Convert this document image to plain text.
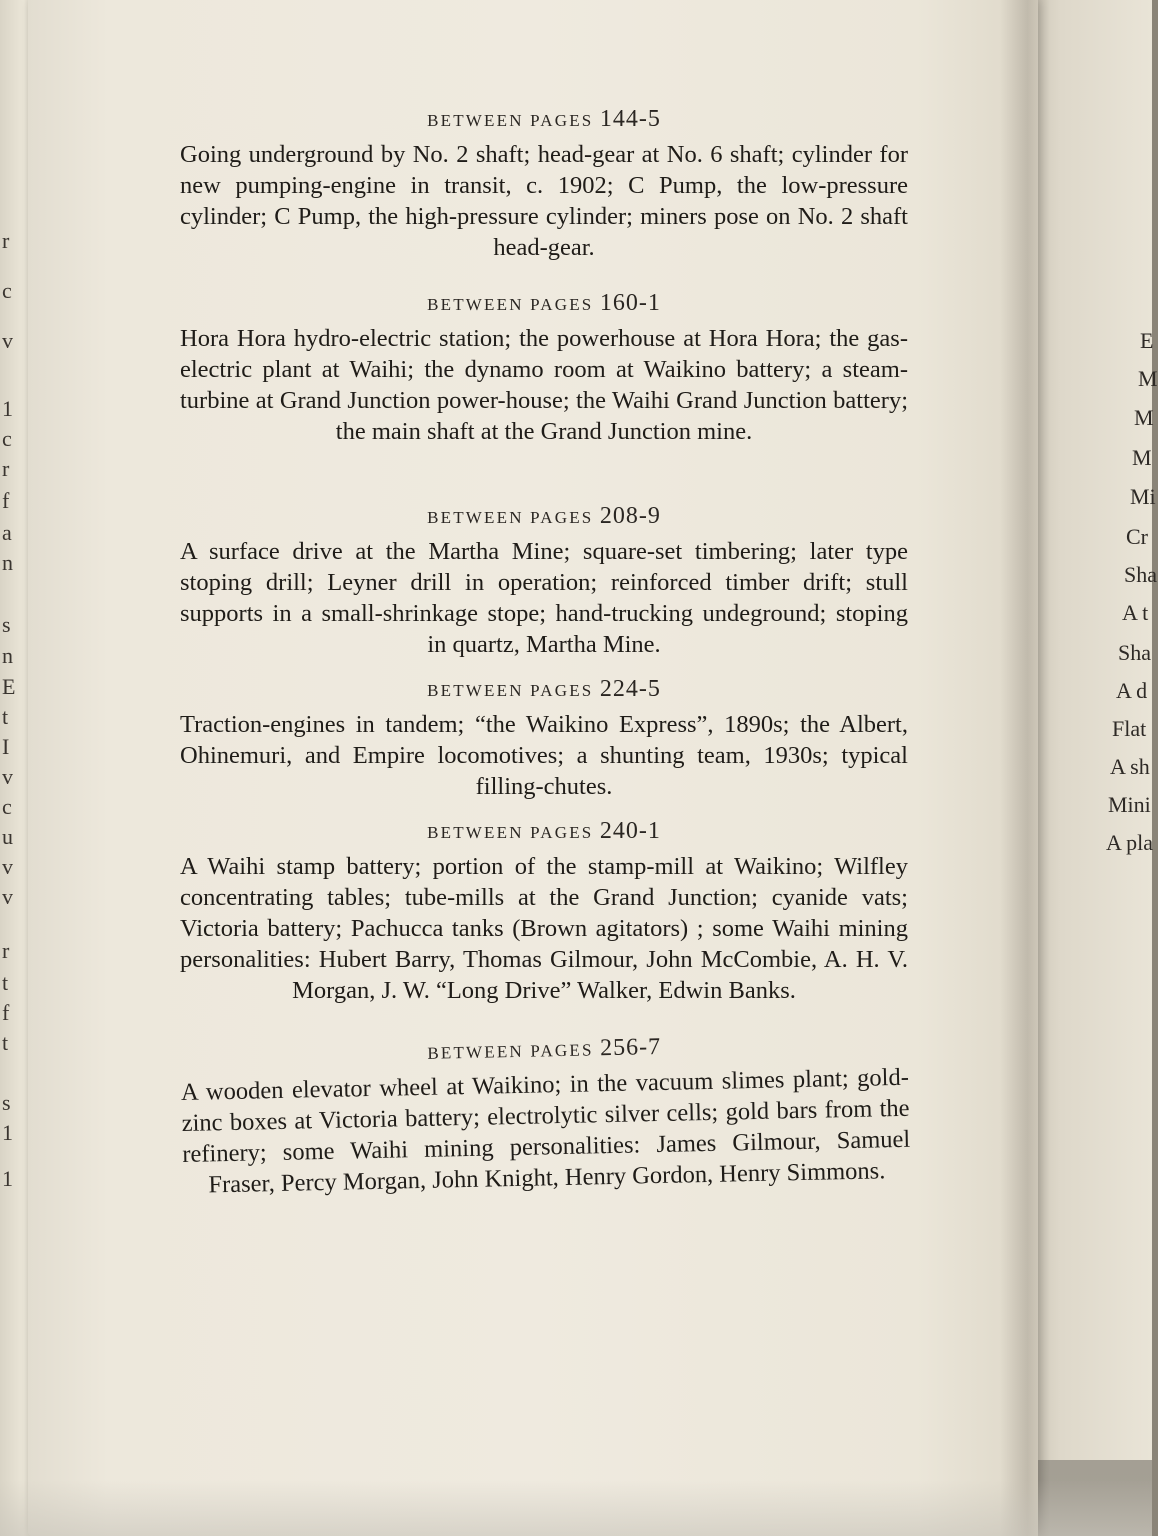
r
c
v
1
c
r
f
a
n
s
n
E
t
I
v
c
u
v
v
r
t
f
t
s
1
1
E
M
M
M
Mi
Cr
Sha
A t
Sha
A d
Flat
A sh
Mini
A pla
BETWEEN PAGES 144-5
Going underground by No. 2 shaft; head-gear at No. 6 shaft; cylinder for new pumping-engine in transit, c. 1902; C Pump, the low-pressure cylinder; C Pump, the high-pressure cylinder; miners pose on No. 2 shaft head-gear.
BETWEEN PAGES 160-1
Hora Hora hydro-electric station; the powerhouse at Hora Hora; the gas-electric plant at Waihi; the dynamo room at Waikino battery; a steam-turbine at Grand Junction power-house; the Waihi Grand Junction battery; the main shaft at the Grand Junction mine.
BETWEEN PAGES 208-9
A surface drive at the Martha Mine; square-set timbering; later type stoping drill; Leyner drill in operation; reinforced timber drift; stull supports in a small-shrinkage stope; hand-trucking undeground; stoping in quartz, Martha Mine.
BETWEEN PAGES 224-5
Traction-engines in tandem; “the Waikino Express”, 1890s; the Albert, Ohinemuri, and Empire locomotives; a shunting team, 1930s; typical filling-chutes.
BETWEEN PAGES 240-1
A Waihi stamp battery; portion of the stamp-mill at Waikino; Wilfley concentrating tables; tube-mills at the Grand Junction; cyanide vats; Victoria battery; Pachucca tanks (Brown agitators) ; some Waihi mining personalities: Hubert Barry, Thomas Gilmour, John McCombie, A. H. V. Morgan, J. W. “Long Drive” Walker, Edwin Banks.
BETWEEN PAGES 256-7
A wooden elevator wheel at Waikino; in the vacuum slimes plant; gold-zinc boxes at Victoria battery; electrolytic silver cells; gold bars from the refinery; some Waihi mining personalities: James Gilmour, Samuel Fraser, Percy Morgan, John Knight, Henry Gordon, Henry Simmons.
